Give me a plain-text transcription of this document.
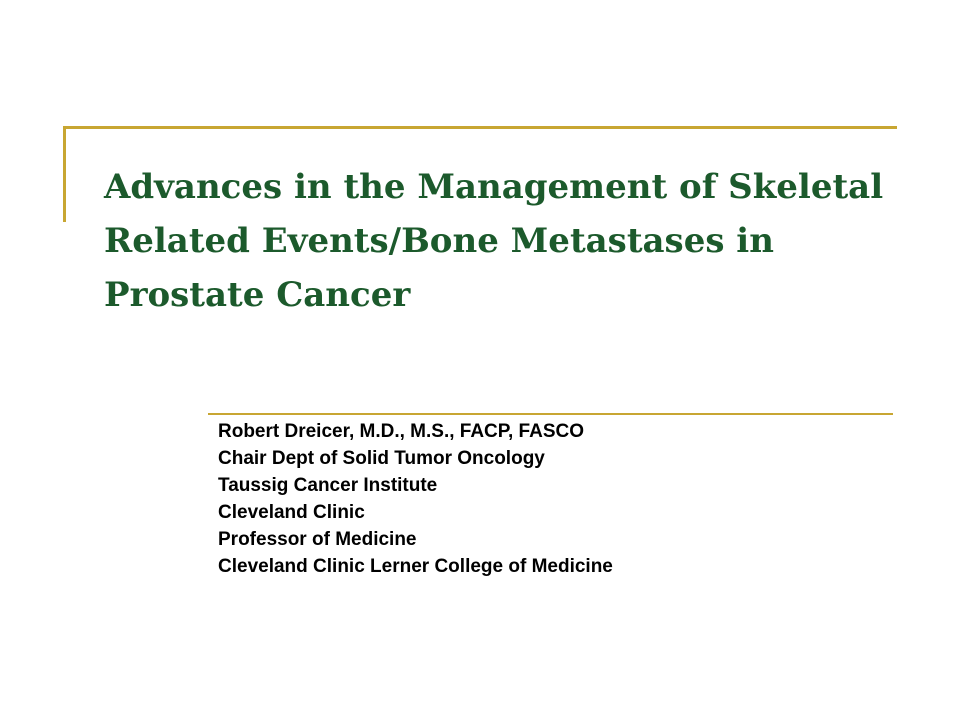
Advances in the Management of Skeletal
Related Events/Bone Metastases in
Prostate Cancer
Robert Dreicer, M.D., M.S., FACP, FASCO
Chair Dept of Solid Tumor Oncology
Taussig Cancer Institute
Cleveland Clinic
Professor of Medicine
Cleveland Clinic Lerner College of Medicine
